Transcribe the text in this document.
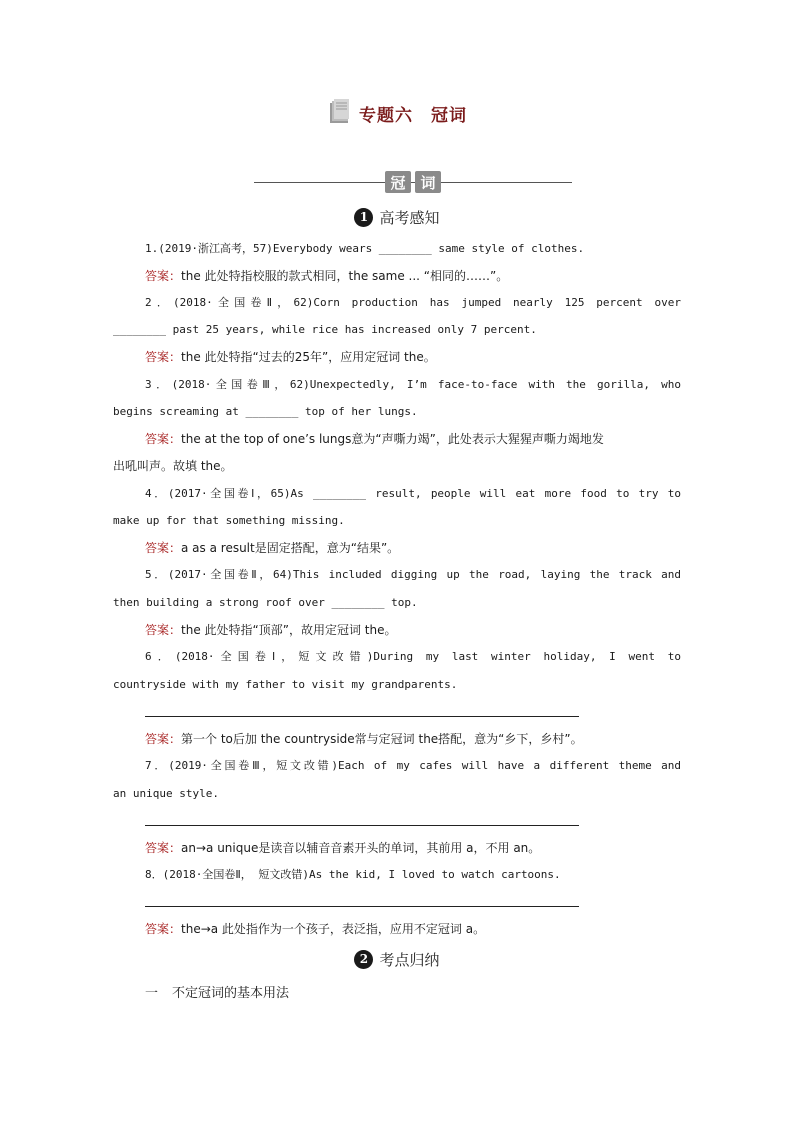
专题六 冠词
冠 词
1 高考感知
1.(2019·浙江高考，57)Everybody wears ________ same style of clothes.
答案：the 此处特指校服的款式相同，the same ... “相同的……”。
2．(2018·全国卷Ⅱ，62)Corn production has jumped nearly 125 percent over
________ past 25 years, while rice has increased only 7 percent.
答案：the 此处特指“过去的25年”，应用定冠词 the。
3．(2018·全国卷Ⅲ，62)Unexpectedly, I’m face-to-face with the gorilla, who
begins screaming at ________ top of her lungs.
答案：the at the top of one’s lungs意为“声嘶力竭”，此处表示大猩猩声嘶力竭地发
出吼叫声。故填 the。
4．(2017·全国卷Ⅰ，65)As ________ result, people will eat more food to try to
make up for that something missing.
答案：a as a result是固定搭配，意为“结果”。
5．(2017·全国卷Ⅱ，64)This included digging up the road, laying the track and
then building a strong roof over ________ top.
答案：the 此处特指“顶部”，故用定冠词 the。
6．(2018·全国卷Ⅰ，短文改错)During my last winter holiday, I went to
countryside with my father to visit my grandparents.
答案：第一个 to后加 the countryside常与定冠词 the搭配，意为“乡下，乡村”。
7．(2019·全国卷Ⅲ，短文改错)Each of my cafes will have a different theme and
an unique style.
答案：an→a unique是读音以辅音音素开头的单词，其前用 a，不用 an。
8．(2018·全国卷Ⅱ， 短文改错)As the kid, I loved to watch cartoons.
答案：the→a 此处指作为一个孩子，表泛指，应用不定冠词 a。
2 考点归纳
一 不定冠词的基本用法
